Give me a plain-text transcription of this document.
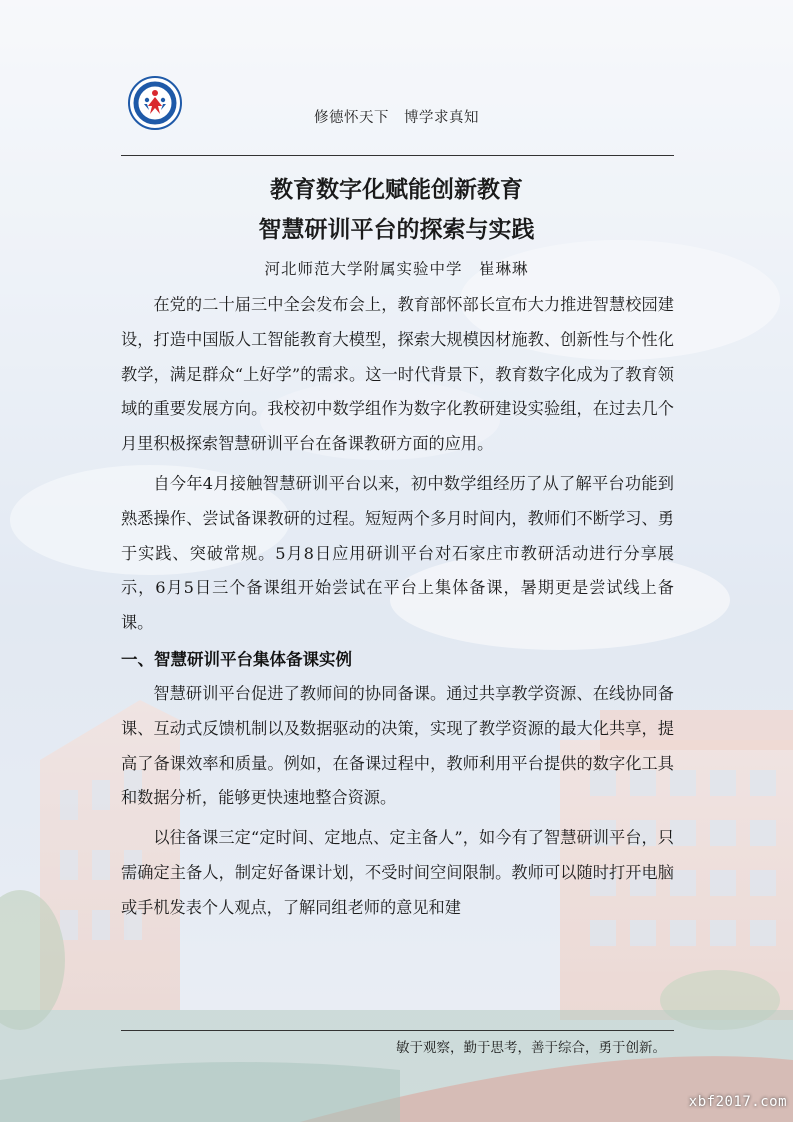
修德怀天下　博学求真知
教育数字化赋能创新教育
智慧研训平台的探索与实践
河北师范大学附属实验中学　崔琳琳

在党的二十届三中全会发布会上，教育部怀部长宣布大力推进智慧校园建设，打造中国版人工智能教育大模型，探索大规模因材施教、创新性与个性化教学，满足群众“上好学”的需求。这一时代背景下，教育数字化成为了教育领域的重要发展方向。我校初中数学组作为数字化教研建设实验组，在过去几个月里积极探索智慧研训平台在备课教研方面的应用。

自今年4月接触智慧研训平台以来，初中数学组经历了从了解平台功能到熟悉操作、尝试备课教研的过程。短短两个多月时间内，教师们不断学习、勇于实践、突破常规。5月8日应用研训平台对石家庄市教研活动进行分享展示，6月5日三个备课组开始尝试在平台上集体备课，暑期更是尝试线上备课。

一、智慧研训平台集体备课实例

智慧研训平台促进了教师间的协同备课。通过共享教学资源、在线协同备课、互动式反馈机制以及数据驱动的决策，实现了教学资源的最大化共享，提高了备课效率和质量。例如，在备课过程中，教师利用平台提供的数字化工具和数据分析，能够更快速地整合资源。

以往备课三定“定时间、定地点、定主备人”，如今有了智慧研训平台，只需确定主备人，制定好备课计划，不受时间空间限制。教师可以随时打开电脑或手机发表个人观点，了解同组老师的意见和建

敏于观察，勤于思考，善于综合，勇于创新。
xbf2017.com
